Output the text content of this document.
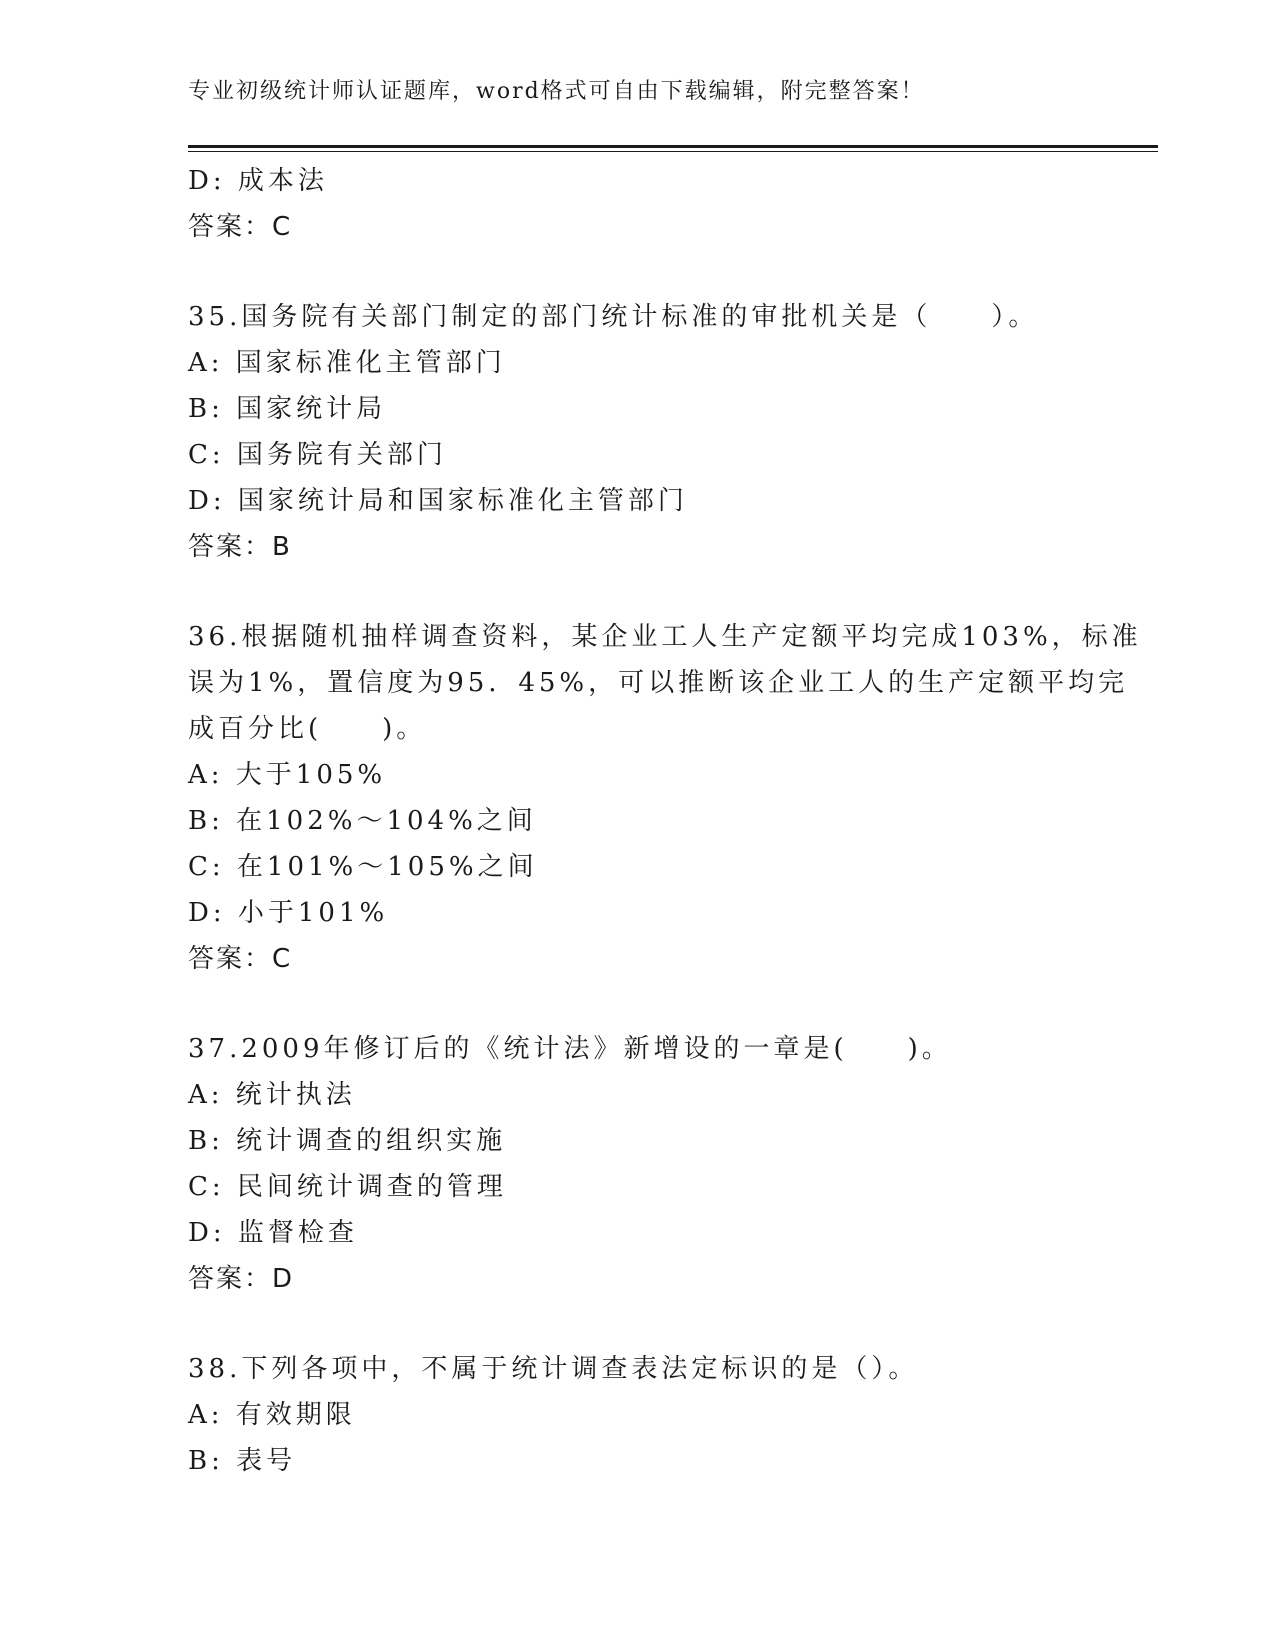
专业初级统计师认证题库，word格式可自由下载编辑，附完整答案！
D: 成本法
答案：C
35.国务院有关部门制定的部门统计标准的审批机关是（　　）。
A: 国家标准化主管部门
B: 国家统计局
C: 国务院有关部门
D: 国家统计局和国家标准化主管部门
答案：B
36.根据随机抽样调查资料，某企业工人生产定额平均完成103%，标准
误为1%，置信度为95．45%，可以推断该企业工人的生产定额平均完
成百分比(　　)。
A: 大于105%
B: 在102%～104%之间
C: 在101%～105%之间
D: 小于101%
答案：C
37.2009年修订后的《统计法》新增设的一章是(　　)。
A: 统计执法
B: 统计调查的组织实施
C: 民间统计调查的管理
D: 监督检查
答案：D
38.下列各项中，不属于统计调查表法定标识的是（）。
A: 有效期限
B: 表号
